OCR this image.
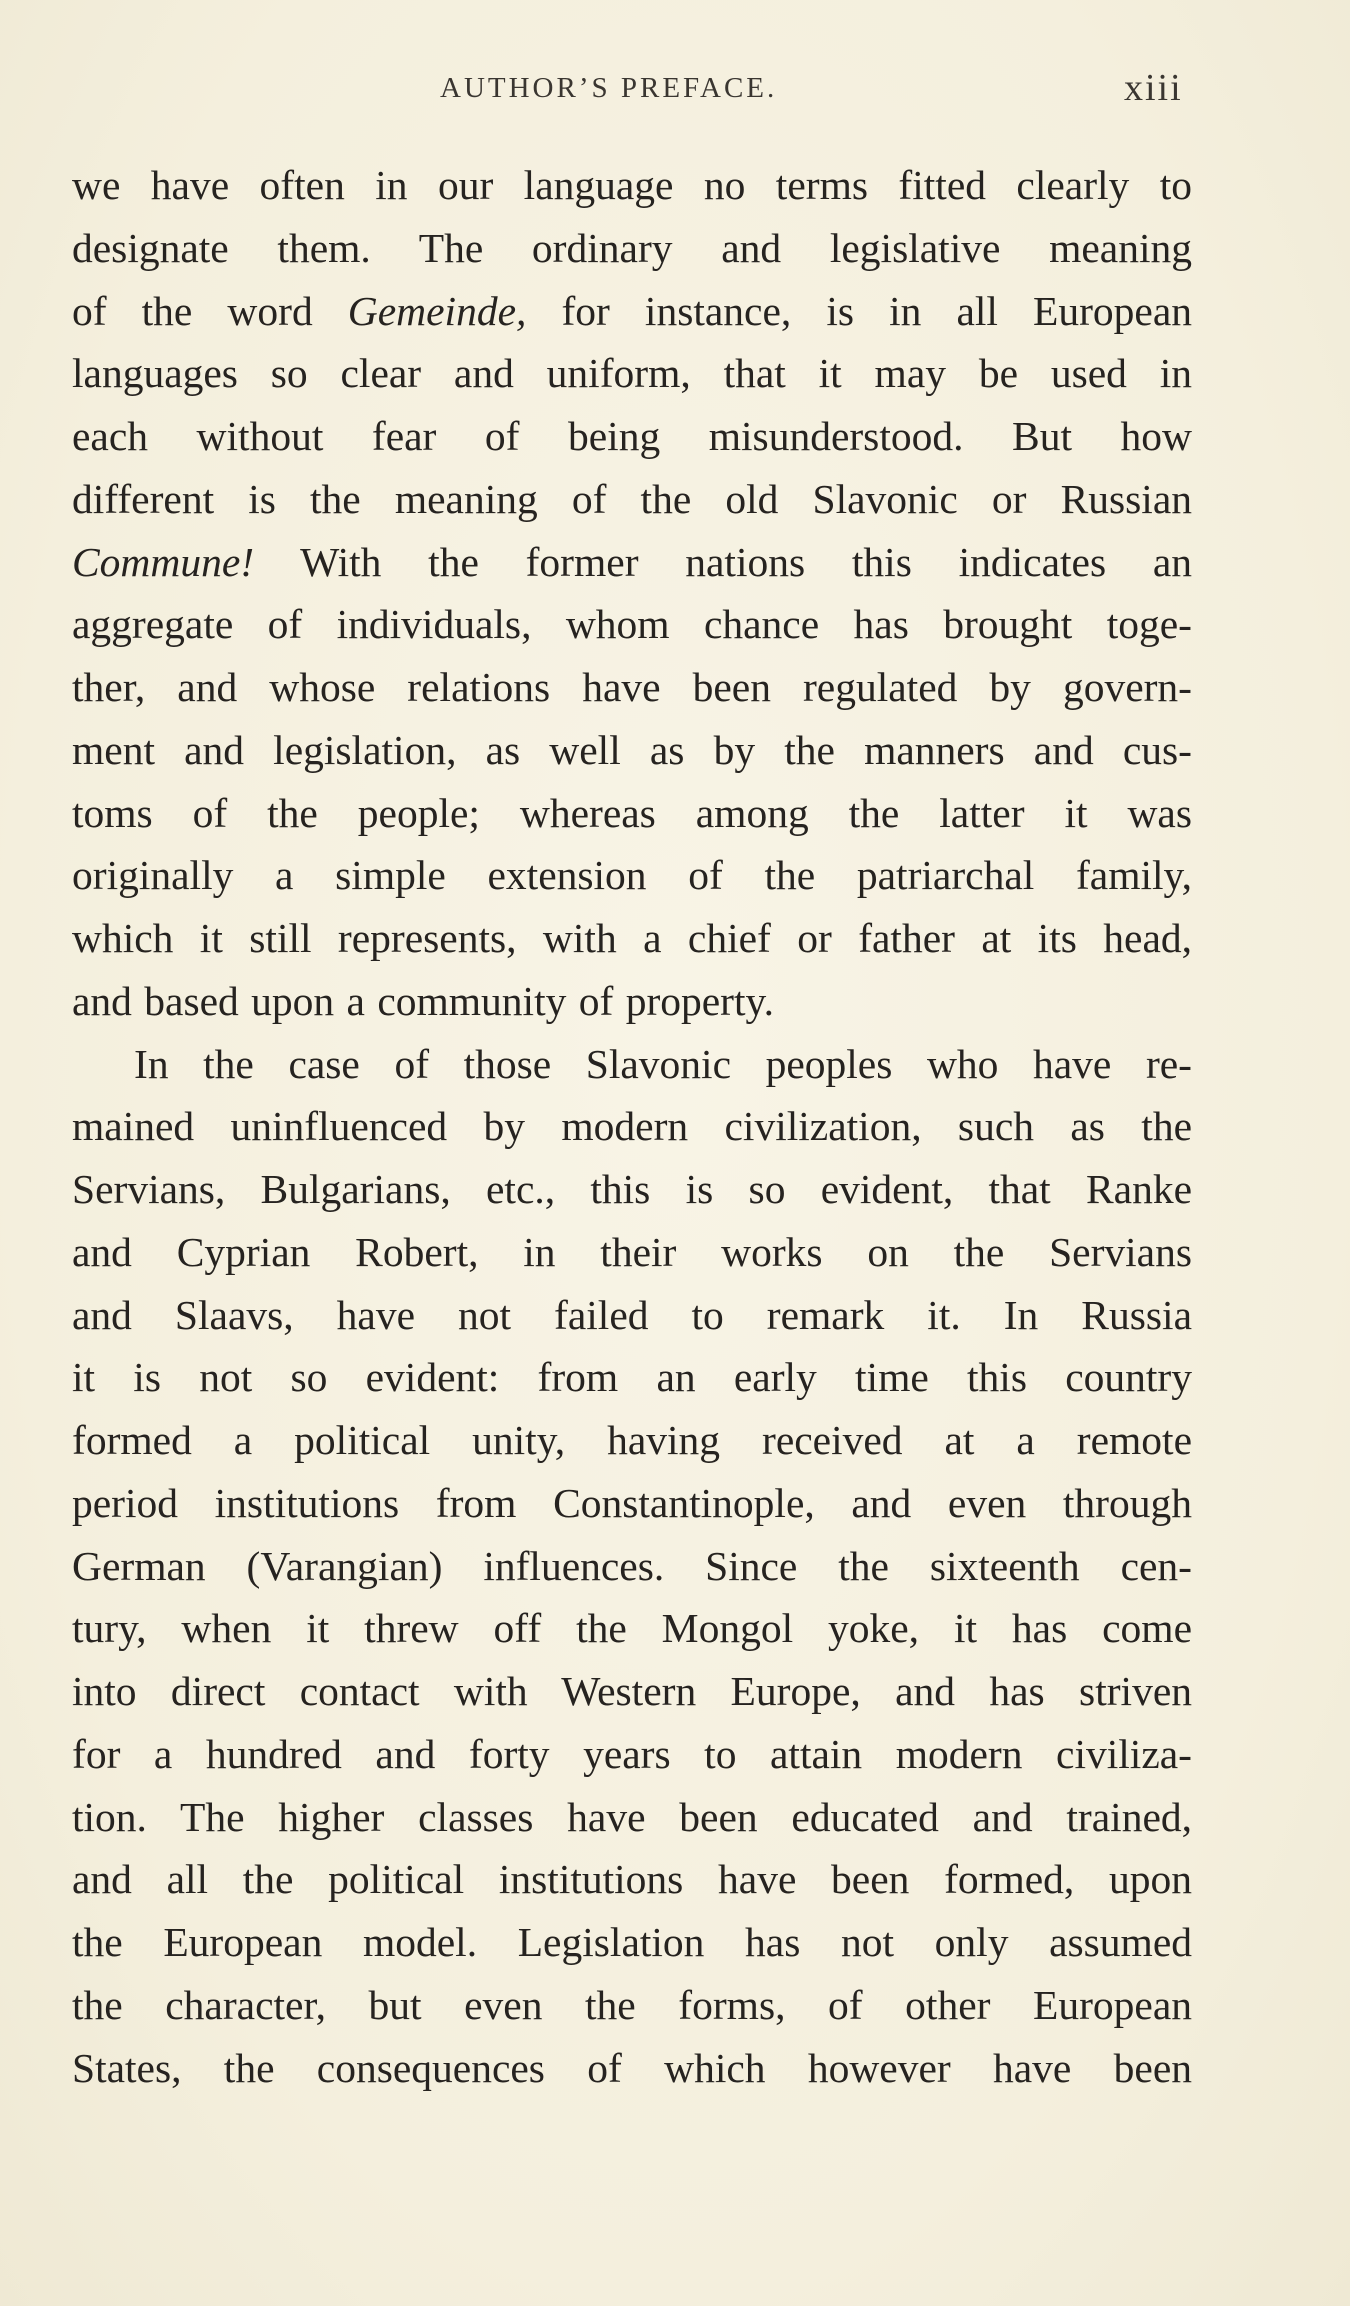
AUTHOR’S PREFACE.	xiii
we have often in our language no terms fitted clearly to
designate them. The ordinary and legislative meaning
of the word Gemeinde, for instance, is in all European
languages so clear and uniform, that it may be used in
each without fear of being misunderstood. But how
different is the meaning of the old Slavonic or Russian
Commune! With the former nations this indicates an
aggregate of individuals, whom chance has brought toge-
ther, and whose relations have been regulated by govern-
ment and legislation, as well as by the manners and cus-
toms of the people; whereas among the latter it was
originally a simple extension of the patriarchal family,
which it still represents, with a chief or father at its head,
and based upon a community of property.
In the case of those Slavonic peoples who have re-
mained uninfluenced by modern civilization, such as the
Servians, Bulgarians, etc., this is so evident, that Ranke
and Cyprian Robert, in their works on the Servians
and Slaavs, have not failed to remark it. In Russia
it is not so evident: from an early time this country
formed a political unity, having received at a remote
period institutions from Constantinople, and even through
German (Varangian) influences. Since the sixteenth cen-
tury, when it threw off the Mongol yoke, it has come
into direct contact with Western Europe, and has striven
for a hundred and forty years to attain modern civiliza-
tion. The higher classes have been educated and trained,
and all the political institutions have been formed, upon
the European model. Legislation has not only assumed
the character, but even the forms, of other European
States, the consequences of which however have been
